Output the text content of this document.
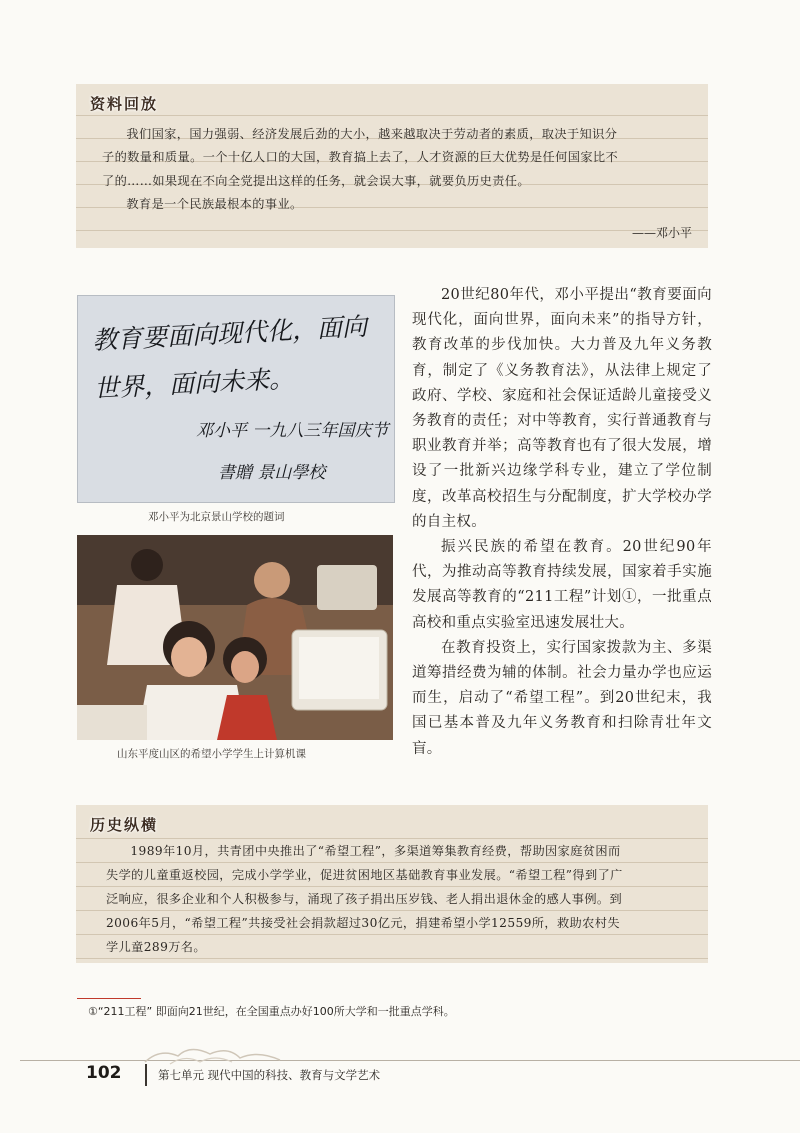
资料回放

我们国家，国力强弱、经济发展后劲的大小，越来越取决于劳动者的素质，取决于知识分

子的数量和质量。一个十亿人口的大国，教育搞上去了，人才资源的巨大优势是任何国家比不

了的……如果现在不向全党提出这样的任务，就会误大事，就要负历史责任。

教育是一个民族最根本的事业。

——邓小平
教育要面向现代化，面向
世界，面向未来。
邓小平 一九八三年国庆节
書贈 景山學校
邓小平为北京景山学校的题词
山东平度山区的希望小学学生上计算机课

20世纪80年代，邓小平提出“教育要面向现代化，面向世界，面向未来”的指导方针，教育改革的步伐加快。大力普及九年义务教育，制定了《义务教育法》，从法律上规定了政府、学校、家庭和社会保证适龄儿童接受义务教育的责任；对中等教育，实行普通教育与职业教育并举；高等教育也有了很大发展，增设了一批新兴边缘学科专业，建立了学位制度，改革高校招生与分配制度，扩大学校办学的自主权。

振兴民族的希望在教育。20世纪90年代，为推动高等教育持续发展，国家着手实施发展高等教育的“211工程”计划①，一批重点高校和重点实验室迅速发展壮大。

在教育投资上，实行国家拨款为主、多渠道筹措经费为辅的体制。社会力量办学也应运而生，启动了“希望工程”。到20世纪末，我国已基本普及九年义务教育和扫除青壮年文盲。

历史纵横

1989年10月，共青团中央推出了“希望工程”，多渠道筹集教育经费，帮助因家庭贫困而

失学的儿童重返校园，完成小学学业，促进贫困地区基础教育事业发展。“希望工程”得到了广

泛响应，很多企业和个人积极参与，涌现了孩子捐出压岁钱、老人捐出退休金的感人事例。到

2006年5月，“希望工程”共接受社会捐款超过30亿元，捐建希望小学12559所，救助农村失

学儿童289万名。

①“211工程” 即面向21世纪，在全国重点办好100所大学和一批重点学科。
102	第七单元 现代中国的科技、教育与文学艺术
